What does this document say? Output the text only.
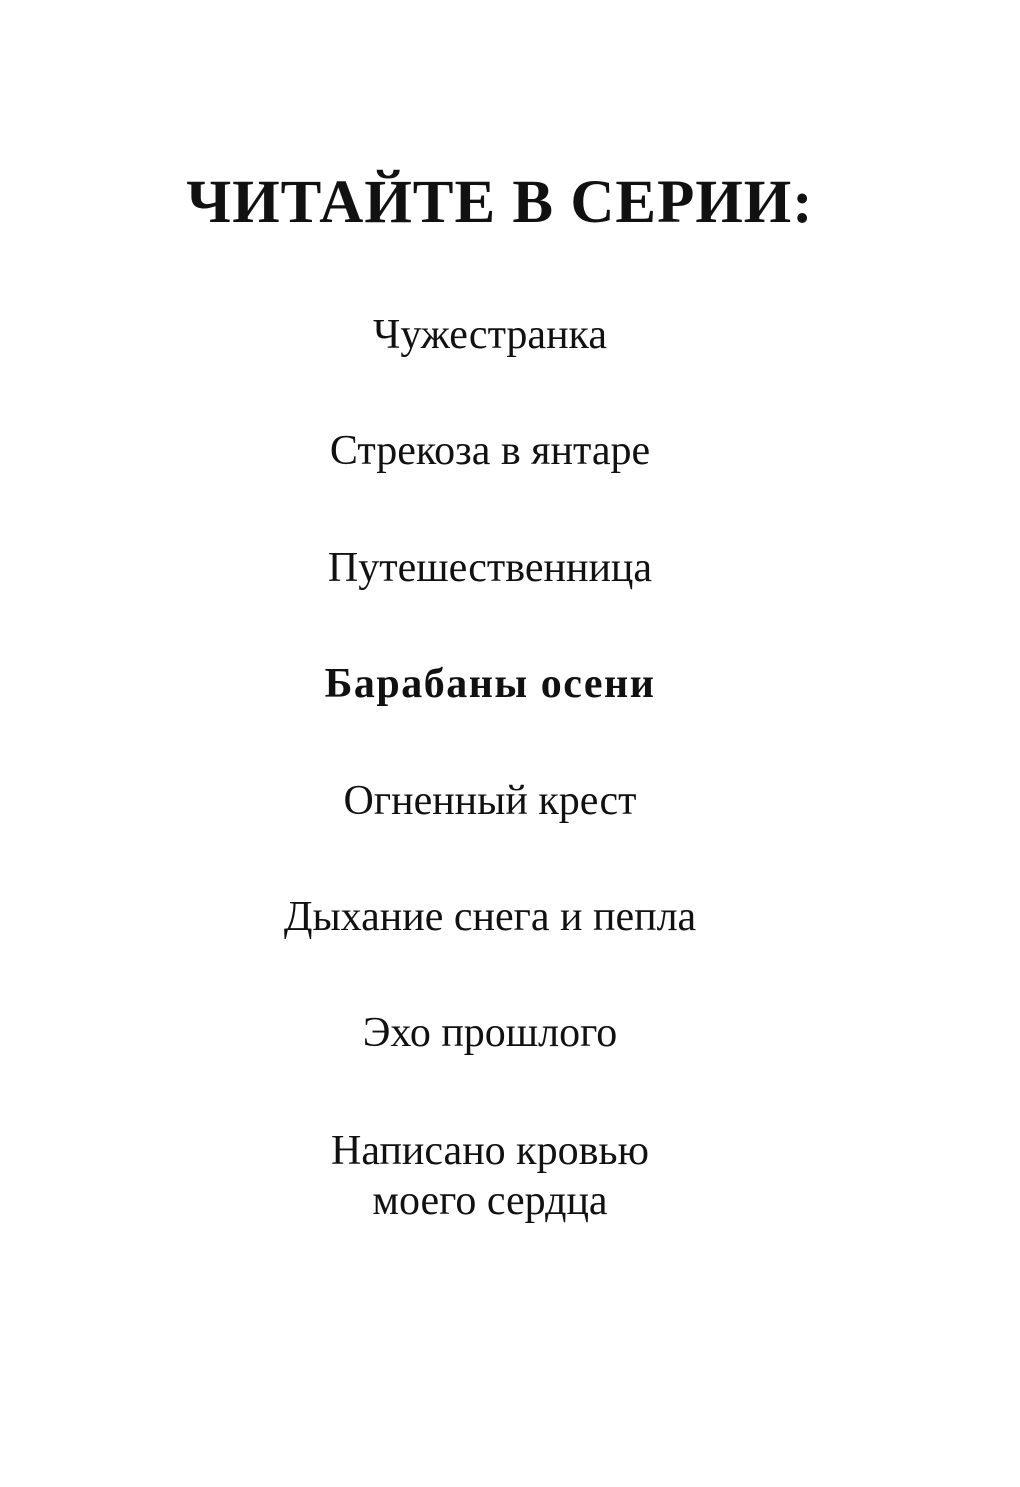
ЧИТАЙТЕ В СЕРИИ:

Чужестранка

Стрекоза в янтаре

Путешественница

Барабаны осени

Огненный крест

Дыхание снега и пепла

Эхо прошлого

Написано кровью
моего сердца
